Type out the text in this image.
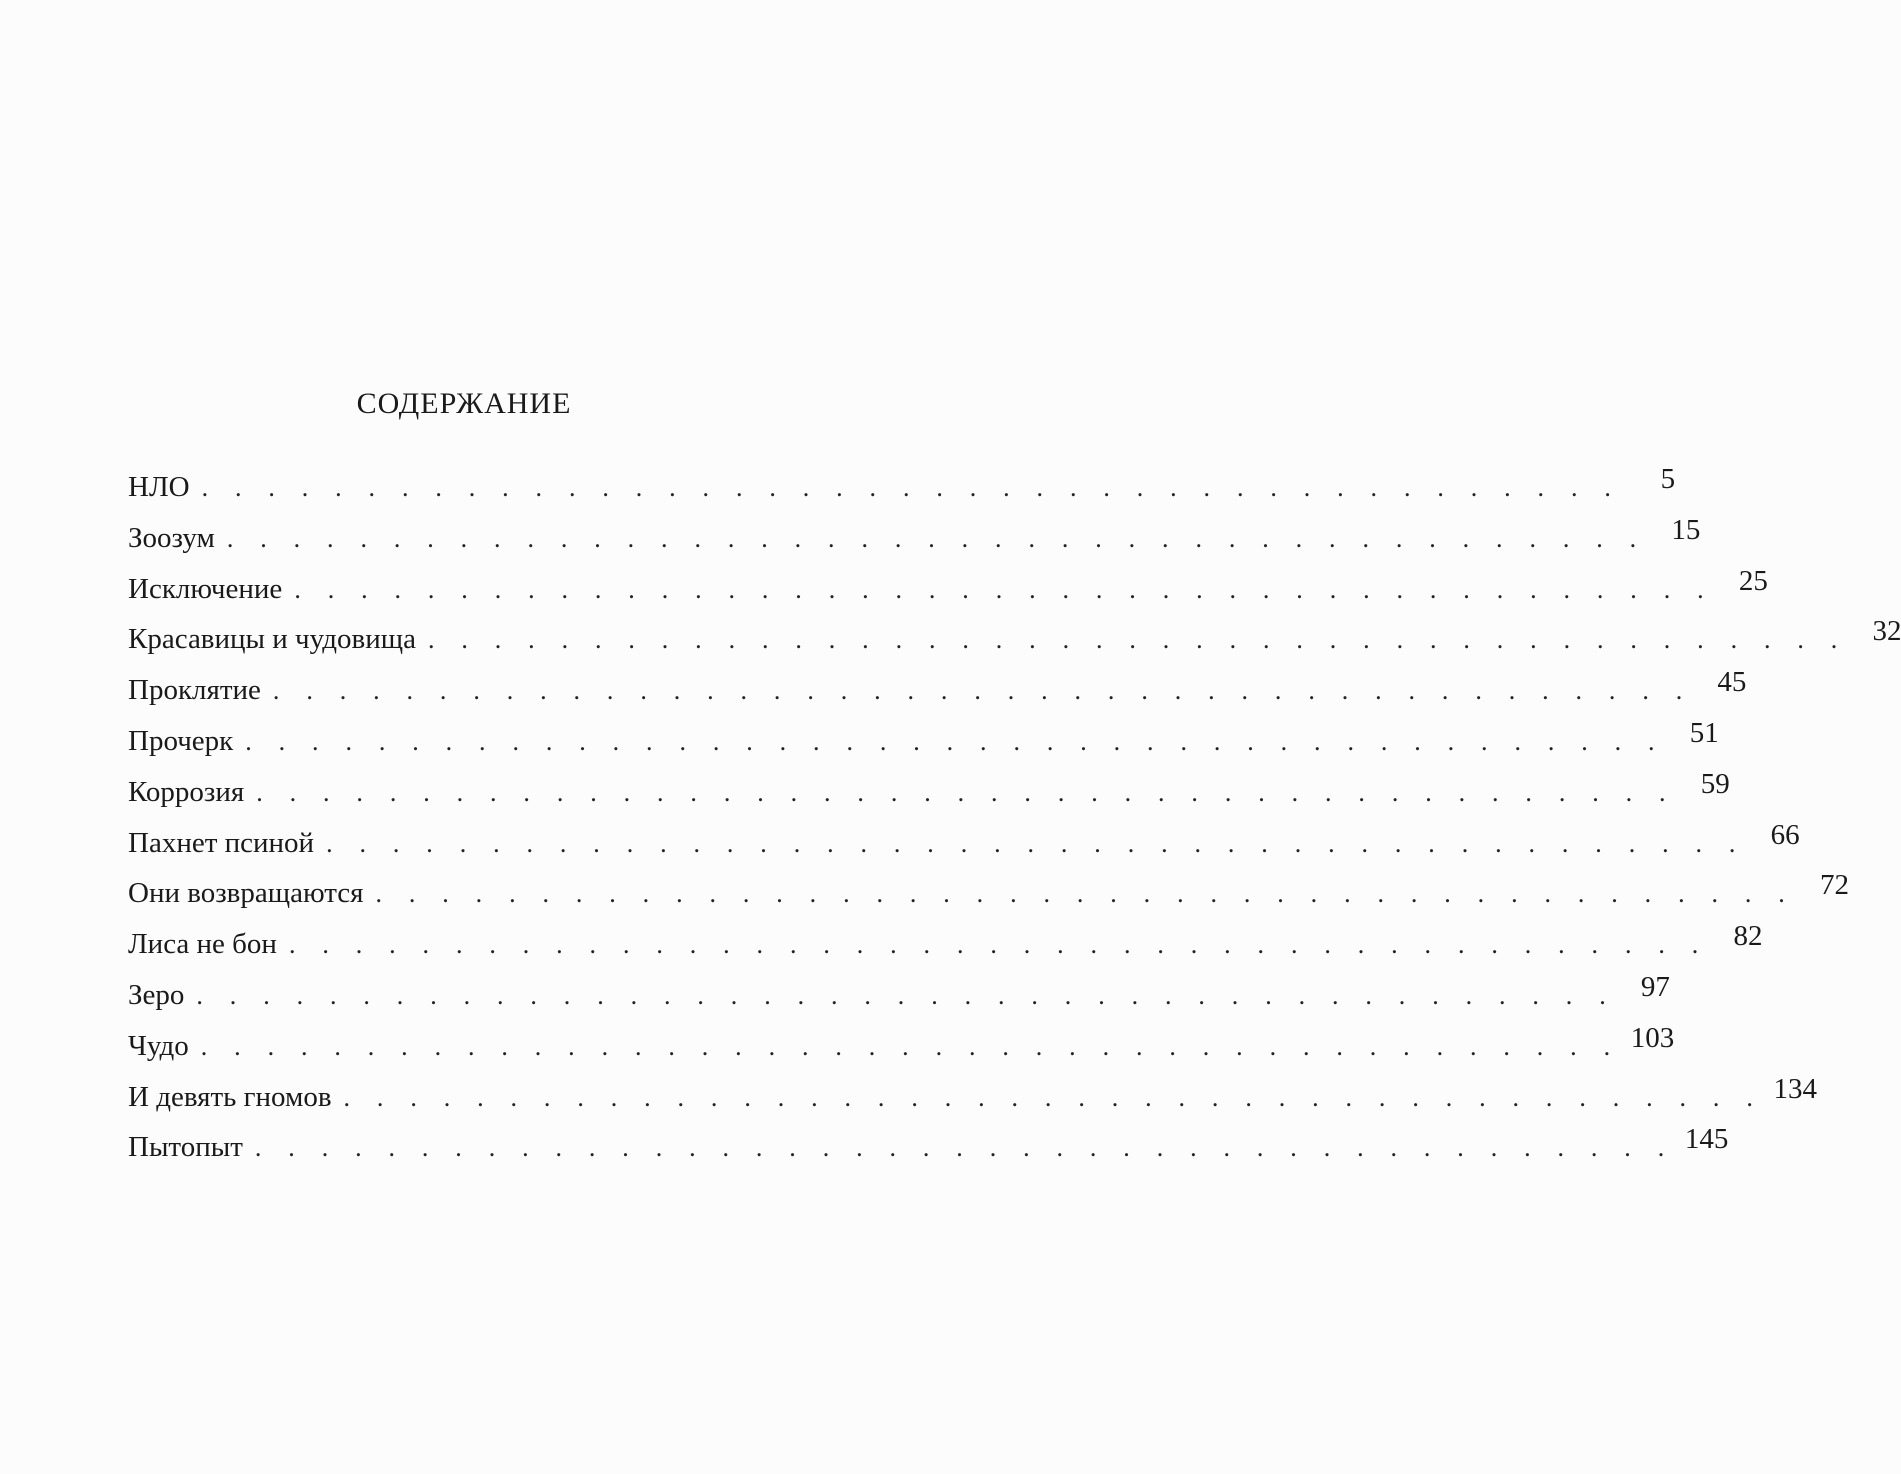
СОДЕРЖАНИЕ
НЛО . . . . . . . . . . . . . . . . . . . . . . . . . . . . . . . . . . . . . . . . . . .	5
Зоозум . . . . . . . . . . . . . . . . . . . . . . . . . . . . . . . . . . . . . . . . . . . 15
Исключение . . . . . . . . . . . . . . . . . . . . . . . . . . . . . . . . . . . . . . . . . . . 25
Красавицы и чудовища . . . . . . . . . . . . . . . . . . . . . . . . . . . . . . . . . . . . . . . . . . . 32
Проклятие . . . . . . . . . . . . . . . . . . . . . . . . . . . . . . . . . . . . . . . . . . . 45
Прочерк . . . . . . . . . . . . . . . . . . . . . . . . . . . . . . . . . . . . . . . . . . . 51
Коррозия . . . . . . . . . . . . . . . . . . . . . . . . . . . . . . . . . . . . . . . . . . . 59
Пахнет псиной . . . . . . . . . . . . . . . . . . . . . . . . . . . . . . . . . . . . . . . . . . . 66
Они возвращаются . . . . . . . . . . . . . . . . . . . . . . . . . . . . . . . . . . . . . . . . . . . 72
Лиса не бон . . . . . . . . . . . . . . . . . . . . . . . . . . . . . . . . . . . . . . . . . . . 82
Зеро . . . . . . . . . . . . . . . . . . . . . . . . . . . . . . . . . . . . . . . . . . . 97
Чудо . . . . . . . . . . . . . . . . . . . . . . . . . . . . . . . . . . . . . . . . . . . 103
И девять гномов . . . . . . . . . . . . . . . . . . . . . . . . . . . . . . . . . . . . . . . . . . . 134
Пытопыт . . . . . . . . . . . . . . . . . . . . . . . . . . . . . . . . . . . . . . . . . . . 145
